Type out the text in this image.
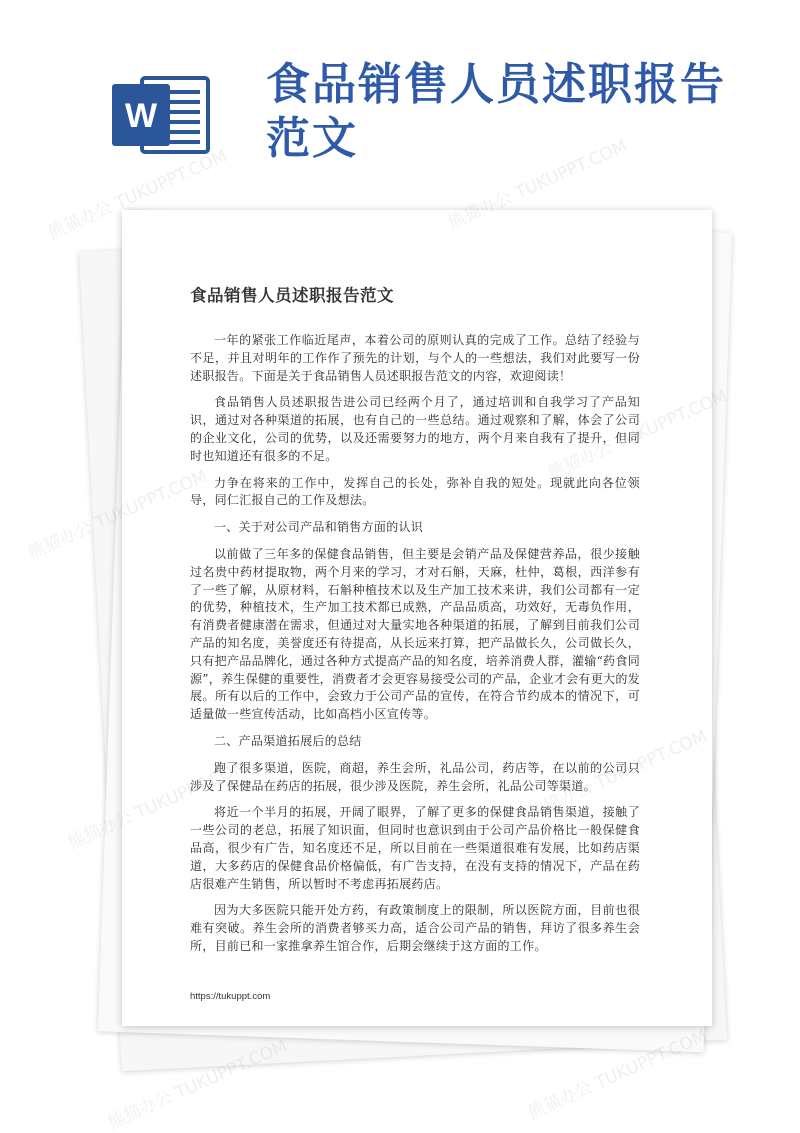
W
食品销售人员述职报告范文
食品销售人员述职报告范文

一年的紧张工作临近尾声，本着公司的原则认真的完成了工作。总结了经验与不足，并且对明年的工作作了预先的计划，与个人的一些想法，我们对此要写一份述职报告。下面是关于食品销售人员述职报告范文的内容，欢迎阅读！

食品销售人员述职报告进公司已经两个月了，通过培训和自我学习了产品知识，通过对各种渠道的拓展，也有自己的一些总结。通过观察和了解，体会了公司的企业文化，公司的优势，以及还需要努力的地方，两个月来自我有了提升，但同时也知道还有很多的不足。

力争在将来的工作中，发挥自己的长处，弥补自我的短处。现就此向各位领导，同仁汇报自己的工作及想法。

一、关于对公司产品和销售方面的认识

以前做了三年多的保健食品销售，但主要是会销产品及保健营养品，很少接触过名贵中药材提取物，两个月来的学习，才对石斛，天麻，杜仲，葛根，西洋参有了一些了解，从原材料，石斛种植技术以及生产加工技术来讲，我们公司都有一定的优势，种植技术，生产加工技术都已成熟，产品品质高，功效好，无毒负作用，有消费者健康潜在需求，但通过对大量实地各种渠道的拓展，了解到目前我们公司产品的知名度，美誉度还有待提高，从长远来打算，把产品做长久，公司做长久，只有把产品品牌化，通过各种方式提高产品的知名度，培养消费人群，灌输“药食同源”，养生保健的重要性，消费者才会更容易接受公司的产品，企业才会有更大的发展。所有以后的工作中，会致力于公司产品的宣传，在符合节约成本的情况下，可适量做一些宣传活动，比如高档小区宣传等。

二、产品渠道拓展后的总结

跑了很多渠道，医院，商超，养生会所，礼品公司，药店等，在以前的公司只涉及了保健品在药店的拓展，很少涉及医院，养生会所，礼品公司等渠道。

将近一个半月的拓展，开阔了眼界，了解了更多的保健食品销售渠道，接触了一些公司的老总，拓展了知识面，但同时也意识到由于公司产品价格比一般保健食品高，很少有广告，知名度还不足，所以目前在一些渠道很难有发展，比如药店渠道，大多药店的保健食品价格偏低，有广告支持，在没有支持的情况下，产品在药店很难产生销售，所以暂时不考虑再拓展药店。

因为大多医院只能开处方药，有政策制度上的限制，所以医院方面，目前也很难有突破。养生会所的消费者够买力高，适合公司产品的销售，拜访了很多养生会所，目前已和一家推拿养生馆合作，后期会继续于这方面的工作。

https://tukuppt.com
熊猫办公
熊猫办公
熊猫办公 TUKUPPT.COM	熊猫办公 TUKUPPT.COM
